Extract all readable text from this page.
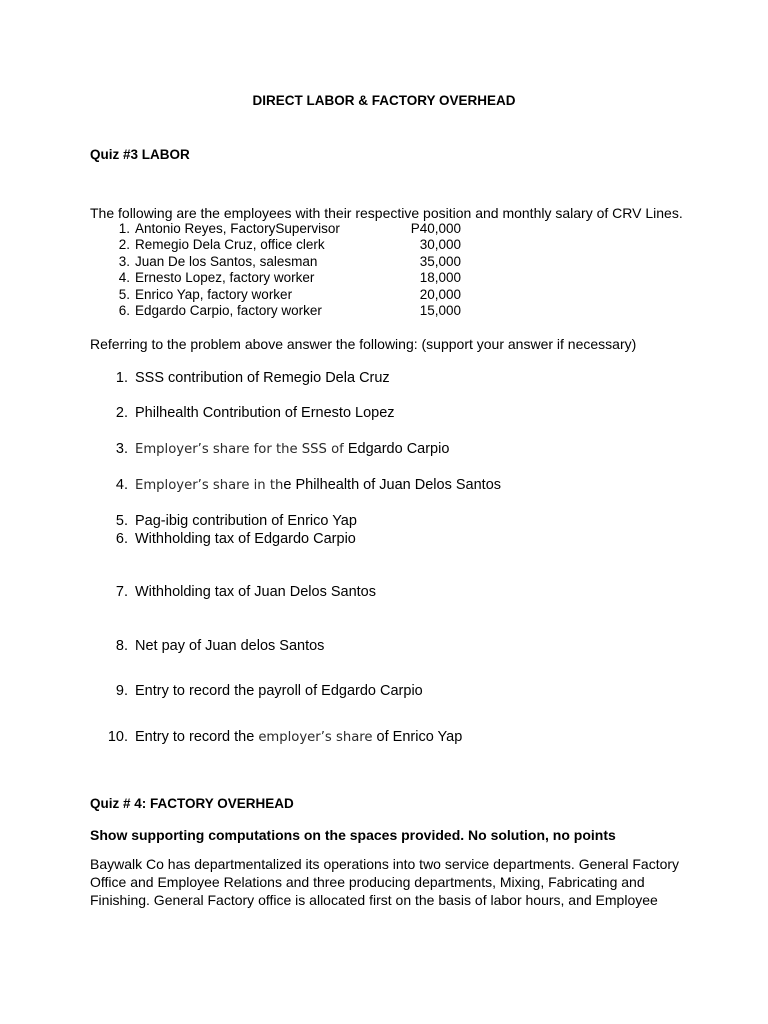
DIRECT LABOR & FACTORY OVERHEAD
Quiz #3 LABOR
The following are the employees with their respective position and monthly salary of CRV Lines.
1. Antonio Reyes, FactorySupervisor	P40,000
2. Remegio Dela Cruz, office clerk	30,000
3. Juan De los Santos, salesman	35,000
4. Ernesto Lopez, factory worker	18,000
5. Enrico Yap, factory worker	20,000
6. Edgardo Carpio, factory worker	15,000
Referring to the problem above answer the following: (support your answer if necessary)
1. SSS contribution of Remegio Dela Cruz
2. Philhealth Contribution of Ernesto Lopez
3. Employer’s share for the SSS of Edgardo Carpio
4. Employer’s share in the Philhealth of Juan Delos Santos
5. Pag-ibig contribution of Enrico Yap
6. Withholding tax of Edgardo Carpio
7. Withholding tax of Juan Delos Santos
8. Net pay of Juan delos Santos
9. Entry to record the payroll of Edgardo Carpio
10. Entry to record the employer’s share of Enrico Yap
Quiz # 4: FACTORY OVERHEAD
Show supporting computations on the spaces provided. No solution, no points
Baywalk Co has departmentalized its operations into two service departments. General Factory Office and Employee Relations and three producing departments, Mixing, Fabricating and Finishing. General Factory office is allocated first on the basis of labor hours, and Employee
